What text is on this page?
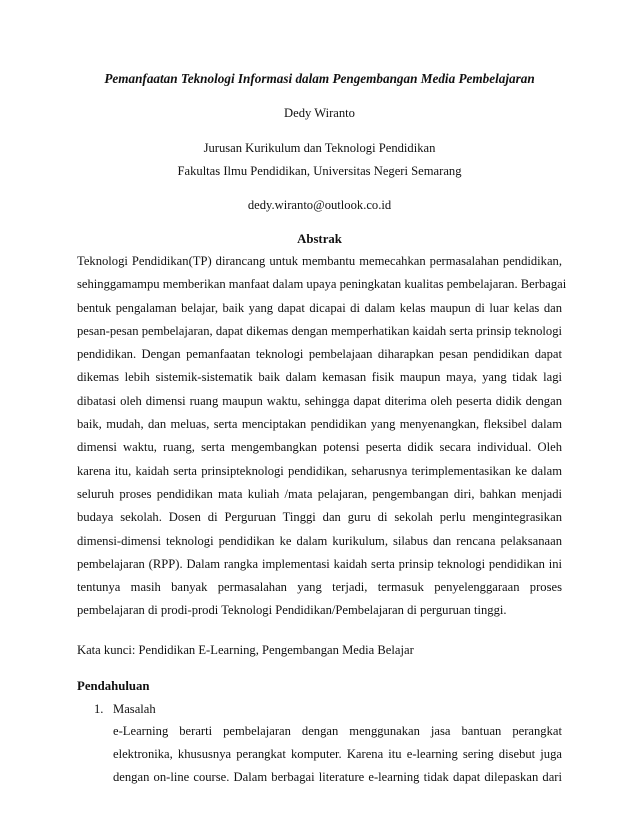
Pemanfaatan Teknologi Informasi dalam Pengembangan Media Pembelajaran
Dedy Wiranto
Jurusan Kurikulum dan Teknologi Pendidikan
Fakultas Ilmu Pendidikan, Universitas Negeri Semarang
dedy.wiranto@outlook.co.id
Abstrak
Teknologi Pendidikan(TP) dirancang untuk membantu memecahkan permasalahan pendidikan,
sehinggamampu memberikan manfaat dalam upaya peningkatan kualitas pembelajaran. Berbagai
bentuk pengalaman belajar, baik yang dapat dicapai di dalam kelas maupun di luar kelas dan
pesan-pesan pembelajaran, dapat dikemas dengan memperhatikan kaidah serta prinsip teknologi
pendidikan. Dengan pemanfaatan teknologi pembelajaan diharapkan pesan pendidikan dapat
dikemas lebih sistemik-sistematik baik dalam kemasan fisik maupun maya, yang tidak lagi
dibatasi oleh dimensi ruang maupun waktu, sehingga dapat diterima oleh peserta didik dengan
baik, mudah, dan meluas, serta menciptakan pendidikan yang menyenangkan, fleksibel dalam
dimensi waktu, ruang, serta mengembangkan potensi peserta didik secara individual. Oleh
karena itu, kaidah serta prinsipteknologi pendidikan, seharusnya terimplementasikan ke dalam
seluruh proses pendidikan mata kuliah /mata pelajaran, pengembangan diri, bahkan menjadi
budaya sekolah. Dosen di Perguruan Tinggi dan guru di sekolah perlu mengintegrasikan
dimensi-dimensi teknologi pendidikan ke dalam kurikulum, silabus dan rencana pelaksanaan
pembelajaran (RPP). Dalam rangka implementasi kaidah serta prinsip teknologi pendidikan ini
tentunya masih banyak permasalahan yang terjadi, termasuk penyelenggaraan proses
pembelajaran di prodi-prodi Teknologi Pendidikan/Pembelajaran di perguruan tinggi.
Kata kunci: Pendidikan E-Learning, Pengembangan Media Belajar
Pendahuluan
1. Masalah
e-Learning berarti pembelajaran dengan menggunakan jasa bantuan perangkat
elektronika, khususnya perangkat komputer. Karena itu e-learning sering disebut juga
dengan on-line course. Dalam berbagai literature e-learning tidak dapat dilepaskan dari
